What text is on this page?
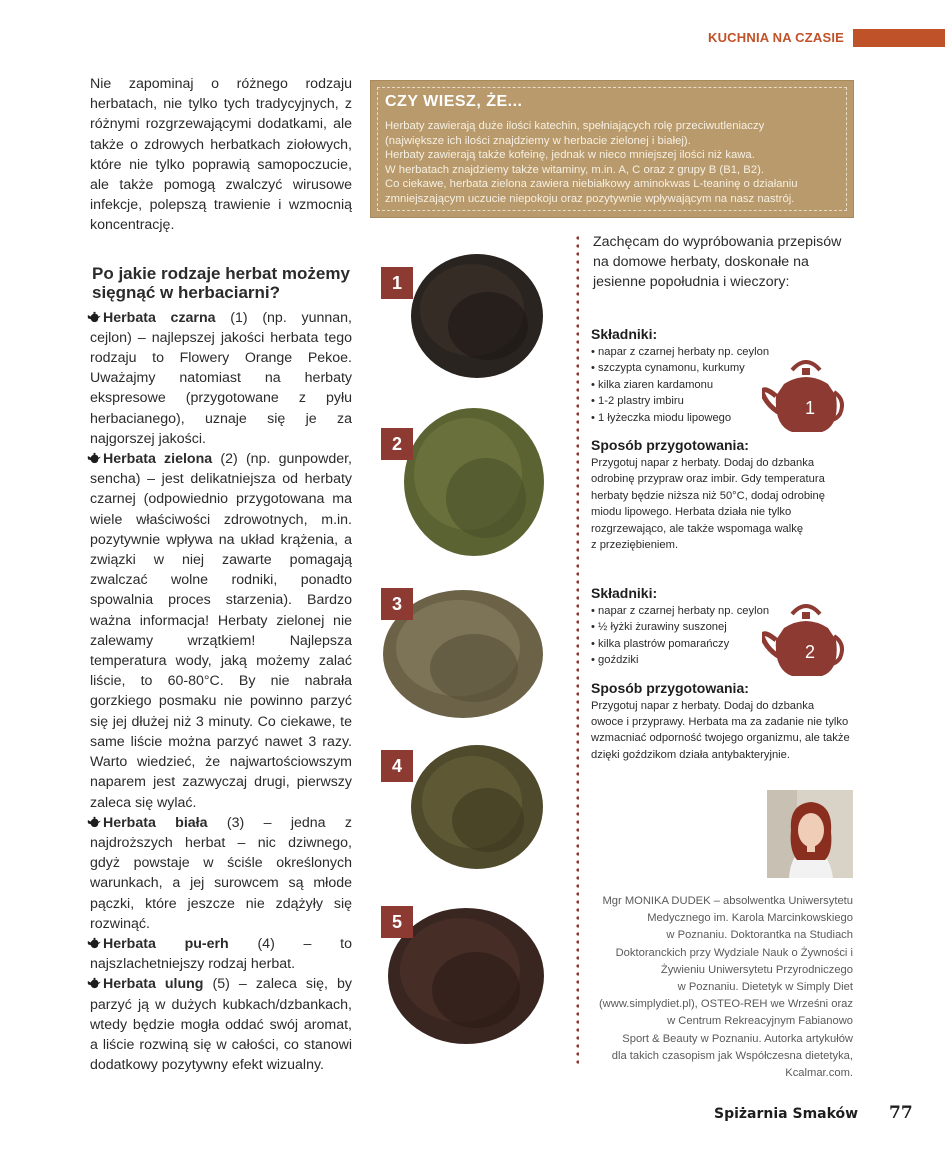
KUCHNIA NA CZASIE

Nie zapominaj o różnego rodzaju herbatach, nie tylko tych tradycyjnych, z różnymi rozgrzewającymi dodatkami, ale także o zdrowych herbatkach ziołowych, które nie tylko poprawią samopoczucie, ale także pomogą zwalczyć wirusowe infekcje, polepszą trawienie i wzmocnią koncentrację.

Po jakie rodzaje herbat możemy sięgnąć w herbaciarni?

Herbata czarna (1) (np. yunnan, cejlon) – najlepszej jakości herbata tego rodzaju to Flowery Orange Pekoe. Uważajmy natomiast na herbaty ekspresowe (przygotowane z pyłu herbacianego), uznaje się je za najgorszej jakości.

Herbata zielona (2) (np. gunpowder, sencha) – jest delikatniejsza od herbaty czarnej (odpowiednio przygotowana ma wiele właściwości zdrowotnych, m.in. pozytywnie wpływa na układ krążenia, a związki w niej zawarte pomagają zwalczać wolne rodniki, ponadto spowalnia proces starzenia). Bardzo ważna informacja! Herbaty zielonej nie zalewamy wrzątkiem! Najlepsza temperatura wody, jaką możemy zalać liście, to 60-80°C. By nie nabrała gorzkiego posmaku nie powinno parzyć się jej dłużej niż 3 minuty. Co ciekawe, te same liście można parzyć nawet 3 razy. Warto wiedzieć, że najwartościowszym naparem jest zazwyczaj drugi, pierwszy zaleca się wylać.

Herbata biała (3) – jedna z najdroższych herbat – nic dziwnego, gdyż powstaje w ściśle określonych warunkach, a jej surowcem są młode pączki, które jeszcze nie zdążyły się rozwinąć.

Herbata pu-erh (4) – to najszlachetniejszy rodzaj herbat.

Herbata ulung (5) – zaleca się, by parzyć ją w dużych kubkach/dzbankach, wtedy będzie mogła oddać swój aromat, a liście rozwiną się w całości, co stanowi dodatkowy pozytywny efekt wizualny.

CZY WIESZ, ŻE...
Herbaty zawierają duże ilości katechin, spełniających rolę przeciwutleniaczy
(największe ich ilości znajdziemy w herbacie zielonej i białej).
Herbaty zawierają także kofeinę, jednak w nieco mniejszej ilości niż kawa.
W herbatach znajdziemy także witaminy, m.in. A, C oraz z grupy B (B1, B2).
Co ciekawe, herbata zielona zawiera niebiałkowy aminokwas L-teaninę o działaniu
zmniejszającym uczucie niepokoju oraz pozytywnie wpływającym na nasz nastrój.
1
2
3
4
5

Zachęcam do wypróbowania przepisów na domowe herbaty, doskonałe na jesienne popołudnia i wieczory:

Składniki:
• napar z czarnej herbaty np. ceylon
• szczypta cynamonu, kurkumy
• kilka ziaren kardamonu
• 1-2 plastry imbiru
• 1 łyżeczka miodu lipowego
Sposób przygotowania:
Przygotuj napar z herbaty. Dodaj do dzbanka
odrobinę przypraw oraz imbir. Gdy temperatura
herbaty będzie niższa niż 50°C, dodaj odrobinę
miodu lipowego. Herbata działa nie tylko
rozgrzewająco, ale także wspomaga walkę
z przeziębieniem.
1
Składniki:
• napar z czarnej herbaty np. ceylon
• ½ łyżki żurawiny suszonej
• kilka plastrów pomarańczy
• goździki
Sposób przygotowania:
Przygotuj napar z herbaty. Dodaj do dzbanka
owoce i przyprawy. Herbata ma za zadanie nie tylko
wzmacniać odporność twojego organizmu, ale także
dzięki goździkom działa antybakteryjnie.
2
Mgr MONIKA DUDEK – absolwentka Uniwersytetu
Medycznego im. Karola Marcinkowskiego
w Poznaniu. Doktorantka na Studiach
Doktoranckich przy Wydziale Nauk o Żywności i
Żywieniu Uniwersytetu Przyrodniczego
w Poznaniu. Dietetyk w Simply Diet
(www.simplydiet.pl), OSTEO-REH we Wrześni oraz
w Centrum Rekreacyjnym Fabianowo
Sport & Beauty w Poznaniu. Autorka artykułów
dla takich czasopism jak Współczesna dietetyka,
Kcalmar.com.
Spiżarnia Smaków 77
